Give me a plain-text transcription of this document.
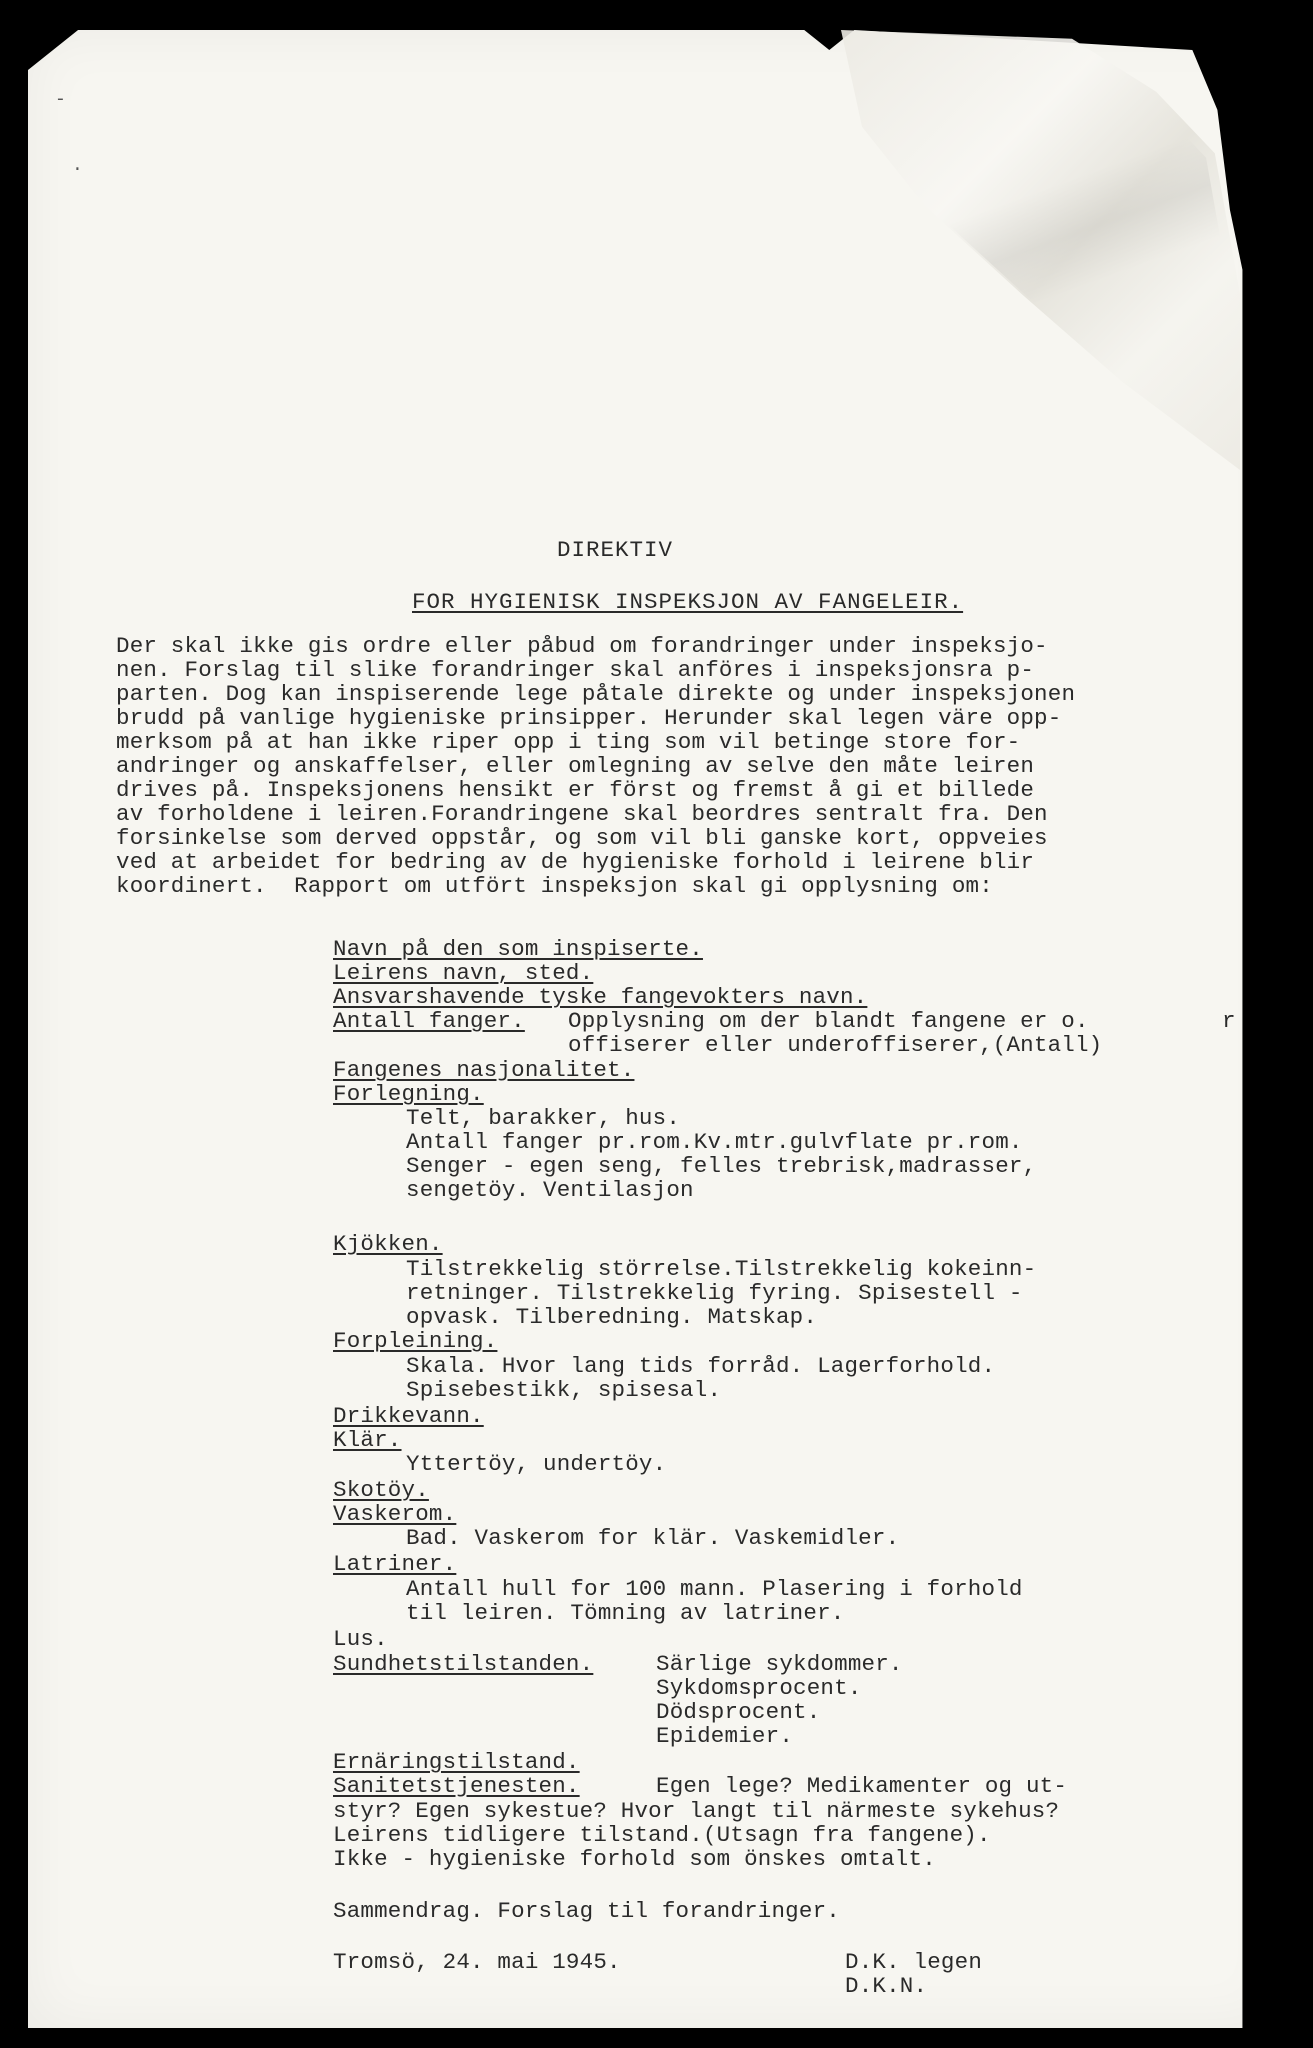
-
·
DIREKTIV
FOR HYGIENISK INSPEKSJON AV FANGELEIR.
Der skal ikke gis ordre eller påbud om forandringer under inspeksjo-
nen. Forslag til slike forandringer skal anföres i inspeksjonsra p-
parten. Dog kan inspiserende lege påtale direkte og under inspeksjonen
brudd på vanlige hygieniske prinsipper. Herunder skal legen väre opp-
merksom på at han ikke riper opp i ting som vil betinge store for-
andringer og anskaffelser, eller omlegning av selve den måte leiren
drives på. Inspeksjonens hensikt er först og fremst å gi et billede
av forholdene i leiren.Forandringene skal beordres sentralt fra. Den
forsinkelse som derved oppstår, og som vil bli ganske kort, oppveies
ved at arbeidet for bedring av de hygieniske forhold i leirene blir
koordinert.  Rapport om utfört inspeksjon skal gi opplysning om:
Navn på den som inspiserte.
Leirens navn, sted.
Ansvarshavende tyske fangevokters navn.
Antall fanger. Opplysning om der blandt fangene er o.	r
offiserer eller underoffiserer,(Antall)
Fangenes nasjonalitet.
Forlegning.
Telt, barakker, hus.
Antall fanger pr.rom.Kv.mtr.gulvflate pr.rom.
Senger - egen seng, felles trebrisk,madrasser,
sengetöy. Ventilasjon
Kjökken.
Tilstrekkelig störrelse.Tilstrekkelig kokeinn-
retninger. Tilstrekkelig fyring. Spisestell -
opvask. Tilberedning. Matskap.
Forpleining.
Skala. Hvor lang tids forråd. Lagerforhold.
Spisebestikk, spisesal.
Drikkevann.
Klär.
Yttertöy, undertöy.
Skotöy.
Vaskerom.
Bad. Vaskerom for klär. Vaskemidler.
Latriner.
Antall hull for 100 mann. Plasering i forhold
til leiren. Tömning av latriner.
Lus.
Sundhetstilstanden.	Särlige sykdommer.
Sykdomsprocent.
Dödsprocent.
Epidemier.
Ernäringstilstand.
Sanitetstjenesten.	Egen lege? Medikamenter og ut-
styr? Egen sykestue? Hvor langt til närmeste sykehus?
Leirens tidligere tilstand.(Utsagn fra fangene).
Ikke - hygieniske forhold som önskes omtalt.
Sammendrag. Forslag til forandringer.
Tromsö, 24. mai 1945.	D.K. legen
D.K.N.
